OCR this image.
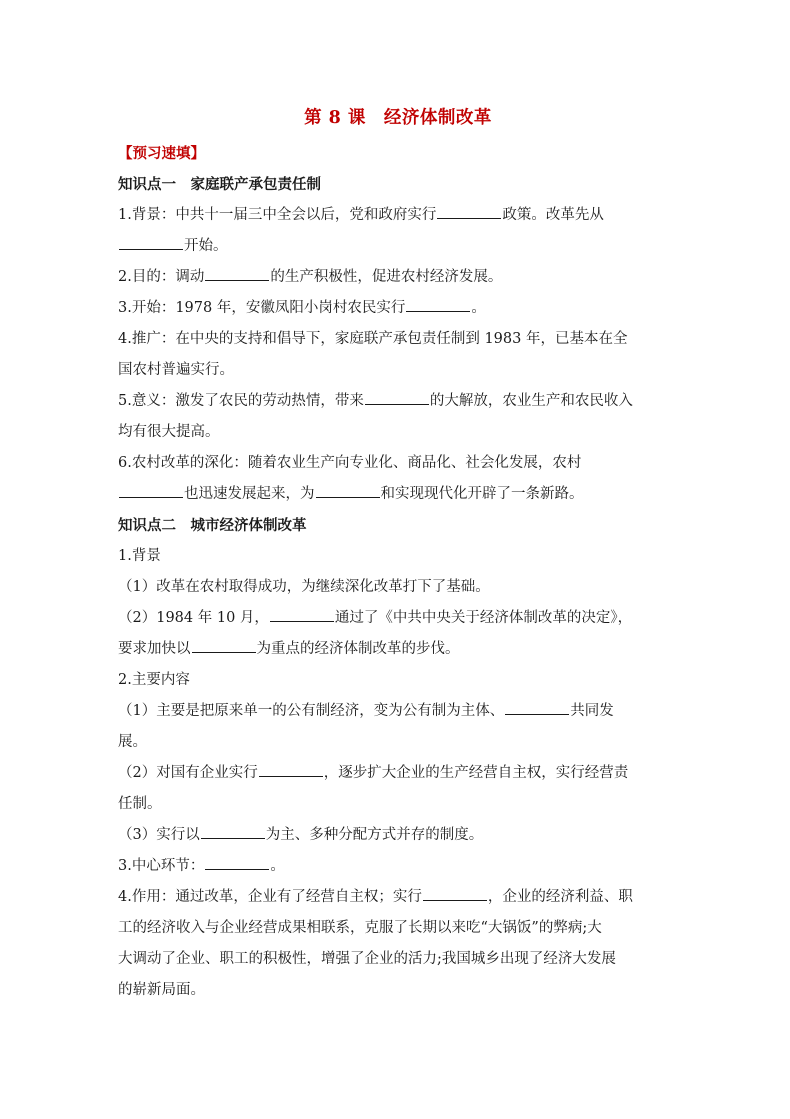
第 8 课　经济体制改革
【预习速填】
知识点一　家庭联产承包责任制
1.背景：中共十一届三中全会以后，党和政府实行	政策。改革先从
开始。
2.目的：调动	的生产积极性，促进农村经济发展。
3.开始：1978 年，安徽凤阳小岗村农民实行	。
4.推广：在中央的支持和倡导下，家庭联产承包责任制到 1983 年，已基本在全
国农村普遍实行。
5.意义：激发了农民的劳动热情，带来	的大解放，农业生产和农民收入
均有很大提高。
6.农村改革的深化：随着农业生产向专业化、商品化、社会化发展，农村
也迅速发展起来，为	和实现现代化开辟了一条新路。
知识点二　城市经济体制改革
1.背景
（1）改革在农村取得成功，为继续深化改革打下了基础。
（2）1984 年 10 月，	通过了《中共中央关于经济体制改革的决定》，
要求加快以	为重点的经济体制改革的步伐。
2.主要内容
（1）主要是把原来单一的公有制经济，变为公有制为主体、	共同发
展。
（2）对国有企业实行	，逐步扩大企业的生产经营自主权，实行经营责
任制。
（3）实行以	为主、多种分配方式并存的制度。
3.中心环节：	。
4.作用：通过改革，企业有了经营自主权；实行	，企业的经济利益、职
工的经济收入与企业经营成果相联系，克服了长期以来吃“大锅饭”的弊病;大
大调动了企业、职工的积极性，增强了企业的活力;我国城乡出现了经济大发展
的崭新局面。
